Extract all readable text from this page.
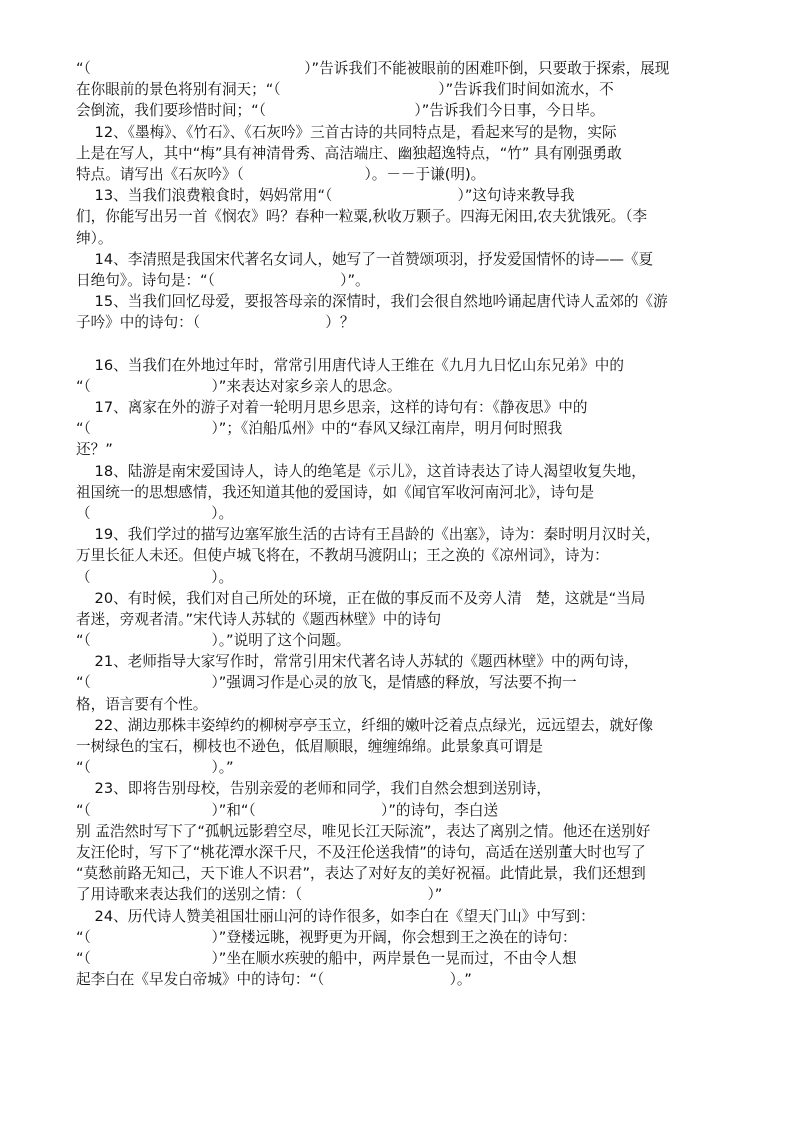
“（                                              ）”告诉我们不能被眼前的困难吓倒，只要敢于探索，展现
在你眼前的景色将别有洞天；“（                                  ）”告诉我们时间如流水，不
会倒流，我们要珍惜时间；“（                                ）”告诉我们今日事，今日毕。
12、《墨梅》、《竹石》、《石灰吟》三首古诗的共同特点是，看起来写的是物，实际
上是在写人，其中“梅”具有神清骨秀、高洁端庄、幽独超逸特点，“竹” 具有刚强勇敢
特点。请写出《石灰吟》（                          ）。－－于谦(明)。
13、当我们浪费粮食时，妈妈常用“（                           ）”这句诗来教导我
们，你能写出另一首《悯农》吗？春种一粒粟,秋收万颗子。四海无闲田,农夫犹饿死。（李
绅）。
14、李清照是我国宋代著名女词人，她写了一首赞颂项羽，抒发爱国情怀的诗——《夏
日绝句》。诗句是：“（                           ）”。
15、当我们回忆母爱，要报答母亲的深情时，我们会很自然地吟诵起唐代诗人孟郊的《游
子吟》中的诗句：（                           ）？
16、当我们在外地过年时，常常引用唐代诗人王维在《九月九日忆山东兄弟》中的
“（                          ）”来表达对家乡亲人的思念。
17、离家在外的游子对着一轮明月思乡思亲，这样的诗句有：《静夜思》中的
“（                          ）”；《泊船瓜州》中的“春风又绿江南岸，明月何时照我
还？”
18、陆游是南宋爱国诗人，诗人的绝笔是《示儿》，这首诗表达了诗人渴望收复失地，
祖国统一的思想感情，我还知道其他的爱国诗，如《闻官军收河南河北》，诗句是
（                          ）。
19、我们学过的描写边塞军旅生活的古诗有王昌龄的《出塞》，诗为：秦时明月汉时关，
万里长征人未还。但使卢城飞将在，不教胡马渡阴山；王之涣的《凉州词》，诗为：
（                          ）。
20、有时候，我们对自己所处的环境，正在做的事反而不及旁人清   楚，这就是“当局
者迷，旁观者清。”宋代诗人苏轼的《题西林壁》中的诗句
“（                          ）。”说明了这个问题。
21、老师指导大家写作时，常常引用宋代著名诗人苏轼的《题西林壁》中的两句诗，
“（                          ）”强调习作是心灵的放飞，是情感的释放，写法要不拘一
格，语言要有个性。
22、湖边那株丰姿绰约的柳树亭亭玉立，纤细的嫩叶泛着点点绿光，远远望去，就好像
一树绿色的宝石，柳枝也不逊色，低眉顺眼，缠缠绵绵。此景象真可谓是
“（                          ）。”
23、即将告别母校，告别亲爱的老师和同学，我们自然会想到送别诗，
“（                          ）”和“（                           ）”的诗句，李白送
别 孟浩然时写下了“孤帆远影碧空尽，唯见长江天际流”，表达了离别之情。他还在送别好
友汪伦时，写下了“桃花潭水深千尺，不及汪伦送我情”的诗句，高适在送别董大时也写了
“莫愁前路无知己，天下谁人不识君”，表达了对好友的美好祝福。此情此景，我们还想到
了用诗歌来表达我们的送别之情：（                           ）”
24、历代诗人赞美祖国壮丽山河的诗作很多，如李白在《望天门山》中写到：
“（                          ）”登楼远眺，视野更为开阔，你会想到王之涣在的诗句：
“（                          ）”坐在顺水疾驶的船中，两岸景色一晃而过，不由令人想
起李白在《早发白帝城》中的诗句：“（                           ）。”
